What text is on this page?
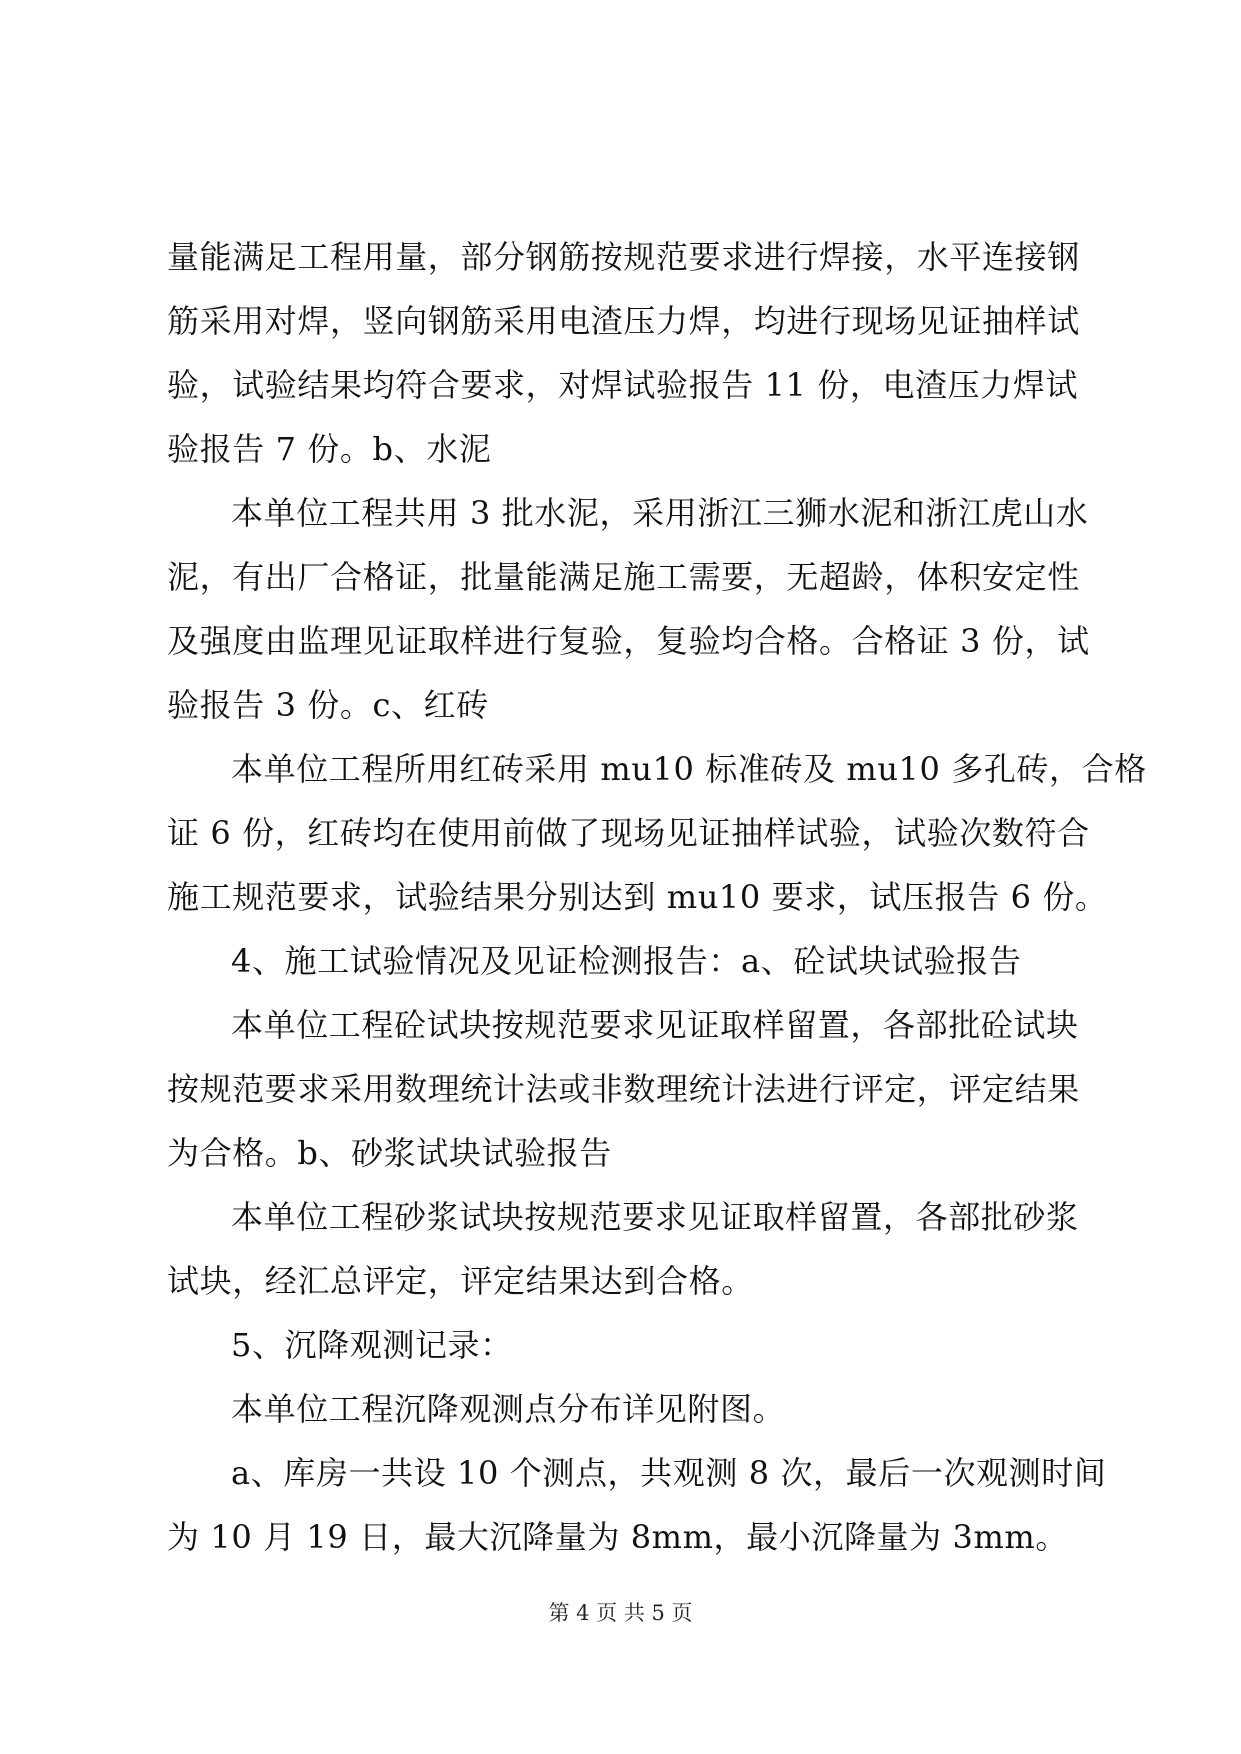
量能满足工程用量，部分钢筋按规范要求进行焊接，水平连接钢
筋采用对焊，竖向钢筋采用电渣压力焊，均进行现场见证抽样试
验，试验结果均符合要求，对焊试验报告 11 份，电渣压力焊试
验报告 7 份。b、水泥
本单位工程共用 3 批水泥，采用浙江三狮水泥和浙江虎山水
泥，有出厂合格证，批量能满足施工需要，无超龄，体积安定性
及强度由监理见证取样进行复验，复验均合格。合格证 3 份，试
验报告 3 份。c、红砖
本单位工程所用红砖采用 mu10 标准砖及 mu10 多孔砖，合格
证 6 份，红砖均在使用前做了现场见证抽样试验，试验次数符合
施工规范要求，试验结果分别达到 mu10 要求，试压报告 6 份。
4、施工试验情况及见证检测报告：a、砼试块试验报告
本单位工程砼试块按规范要求见证取样留置，各部批砼试块
按规范要求采用数理统计法或非数理统计法进行评定，评定结果
为合格。b、砂浆试块试验报告
本单位工程砂浆试块按规范要求见证取样留置，各部批砂浆
试块，经汇总评定，评定结果达到合格。
5、沉降观测记录：
本单位工程沉降观测点分布详见附图。
a、库房一共设 10 个测点，共观测 8 次，最后一次观测时间
为 10 月 19 日，最大沉降量为 8mm，最小沉降量为 3mm。
第 4 页 共 5 页
